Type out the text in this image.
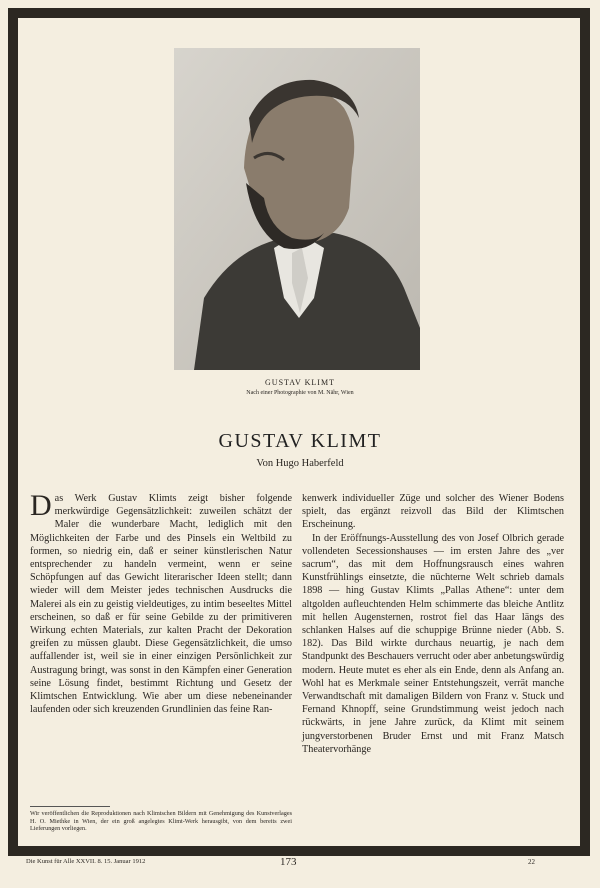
GUSTAV KLIMT
Nach einer Photographie von M. Nähr, Wien
GUSTAV KLIMT
Von Hugo Haberfeld

Das Werk Gustav Klimts zeigt bisher folgende merkwürdige Gegensätzlichkeit: zuweilen schätzt der Maler die wunderbare Macht, lediglich mit den Möglichkeiten der Farbe und des Pinsels ein Weltbild zu formen, so niedrig ein, daß er seiner künstlerischen Natur entsprechender zu handeln vermeint, wenn er seine Schöpfungen auf das Gewicht literarischer Ideen stellt; dann wieder will dem Meister jedes technischen Ausdrucks die Malerei als ein zu geistig vieldeutiges, zu intim beseeltes Mittel erscheinen, so daß er für seine Gebilde zu der primitiveren Wirkung echten Materials, zur kalten Pracht der Dekoration greifen zu müssen glaubt. Diese Gegensätzlichkeit, die umso auffallender ist, weil sie in einer einzigen Persönlichkeit zur Austragung bringt, was sonst in den Kämpfen einer Generation seine Lösung findet, bestimmt Richtung und Gesetz der Klimtschen Entwicklung. Wie aber um diese nebeneinander laufenden oder sich kreuzenden Grundlinien das feine Ran-

kenwerk individueller Züge und solcher des Wiener Bodens spielt, das ergänzt reizvoll das Bild der Klimtschen Erscheinung.

In der Eröffnungs-Ausstellung des von Josef Olbrich gerade vollendeten Secessionshauses — im ersten Jahre des „ver sacrum“, das mit dem Hoffnungsrausch eines wahren Kunstfrühlings einsetzte, die nüchterne Welt schrieb damals 1898 — hing Gustav Klimts „Pallas Athene“: unter dem altgolden aufleuchtenden Helm schimmerte das bleiche Antlitz mit hellen Augensternen, rostrot fiel das Haar längs des schlanken Halses auf die schuppige Brünne nieder (Abb. S. 182). Das Bild wirkte durchaus neuartig, je nach dem Standpunkt des Beschauers verrucht oder aber anbetungswürdig modern. Heute mutet es eher als ein Ende, denn als Anfang an. Wohl hat es Merkmale seiner Entstehungszeit, verrät manche Verwandtschaft mit damaligen Bildern von Franz v. Stuck und Fernand Khnopff, seine Grundstimmung weist jedoch nach rückwärts, in jene Jahre zurück, da Klimt mit seinem jungverstorbenen Bruder Ernst und mit Franz Matsch Theatervorhänge

Wir veröffentlichen die Reproduktionen nach Klimtschen Bildern mit Genehmigung des Kunstverlages H. O. Miethke in Wien, der ein groß angelegtes Klimt-Werk herausgibt, von dem bereits zwei Lieferungen vorliegen.
Die Kunst für Alle XXVII. 8. 15. Januar 1912	173	22
